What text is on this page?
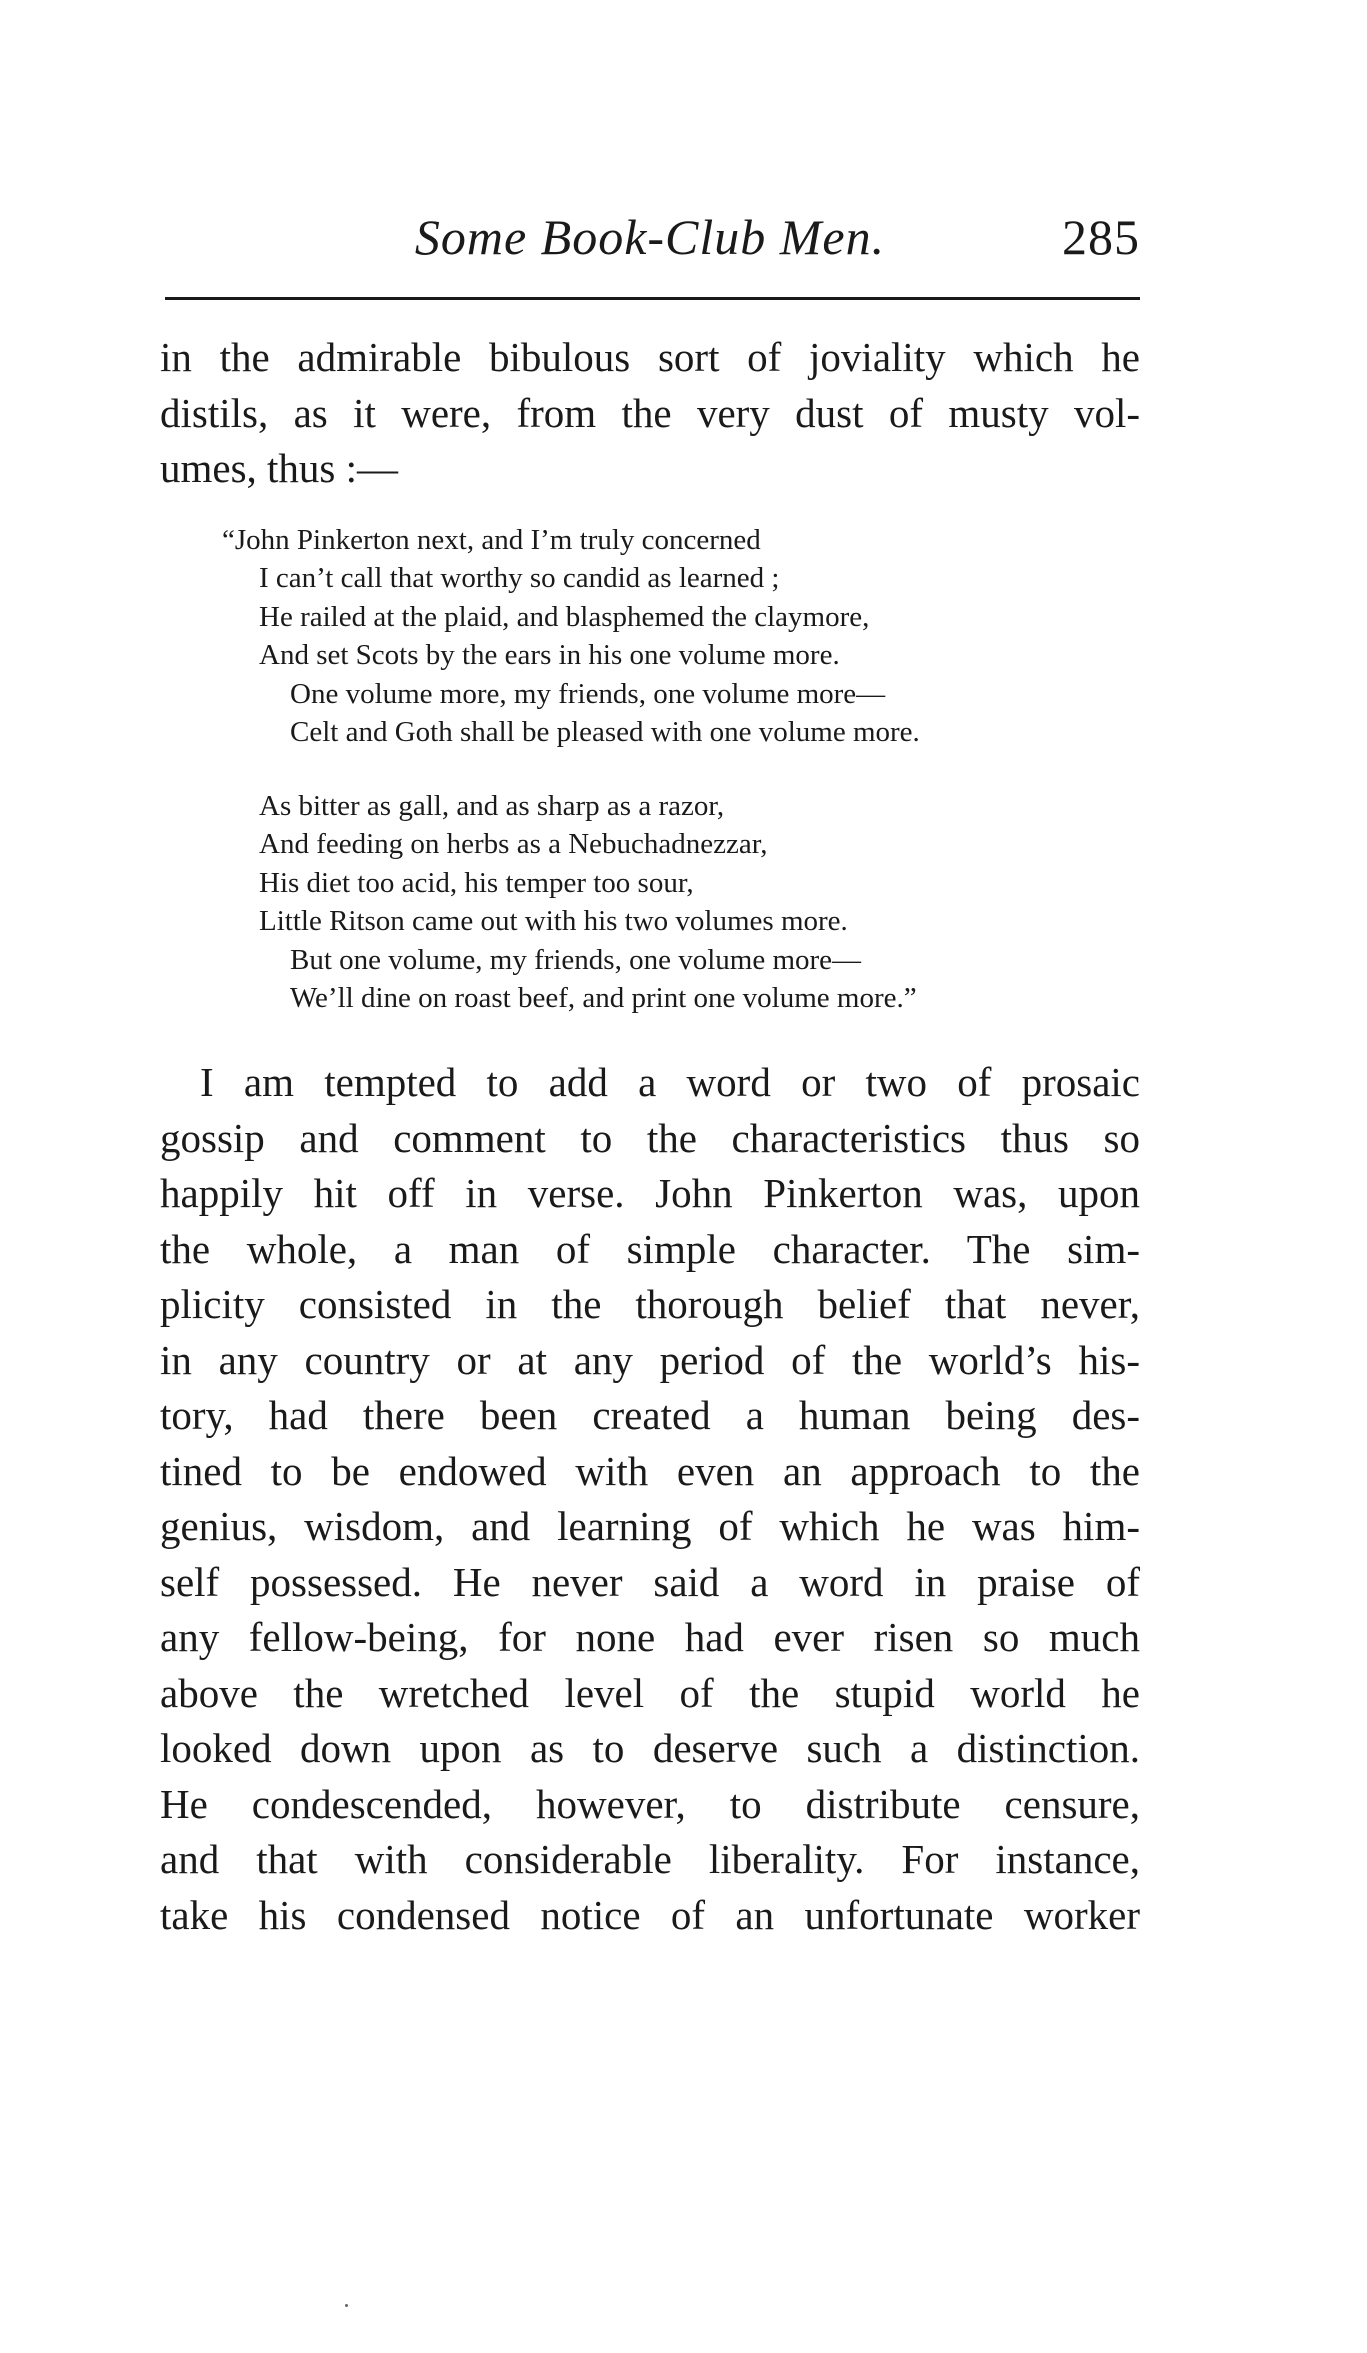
Some Book-Club Men.	285
in the admirable bibulous sort of joviality which he
distils, as it were, from the very dust of musty vol-
umes, thus :—
“John Pinkerton next, and I’m truly concerned
I can’t call that worthy so candid as learned ;
He railed at the plaid, and blasphemed the claymore,
And set Scots by the ears in his one volume more.
One volume more, my friends, one volume more—
Celt and Goth shall be pleased with one volume more.
As bitter as gall, and as sharp as a razor,
And feeding on herbs as a Nebuchadnezzar,
His diet too acid, his temper too sour,
Little Ritson came out with his two volumes more.
But one volume, my friends, one volume more—
We’ll dine on roast beef, and print one volume more.”
I am tempted to add a word or two of prosaic
gossip and comment to the characteristics thus so
happily hit off in verse. John Pinkerton was, upon
the whole, a man of simple character. The sim-
plicity consisted in the thorough belief that never,
in any country or at any period of the world’s his-
tory, had there been created a human being des-
tined to be endowed with even an approach to the
genius, wisdom, and learning of which he was him-
self possessed. He never said a word in praise of
any fellow-being, for none had ever risen so much
above the wretched level of the stupid world he
looked down upon as to deserve such a distinction.
He condescended, however, to distribute censure,
and that with considerable liberality. For instance,
take his condensed notice of an unfortunate worker
